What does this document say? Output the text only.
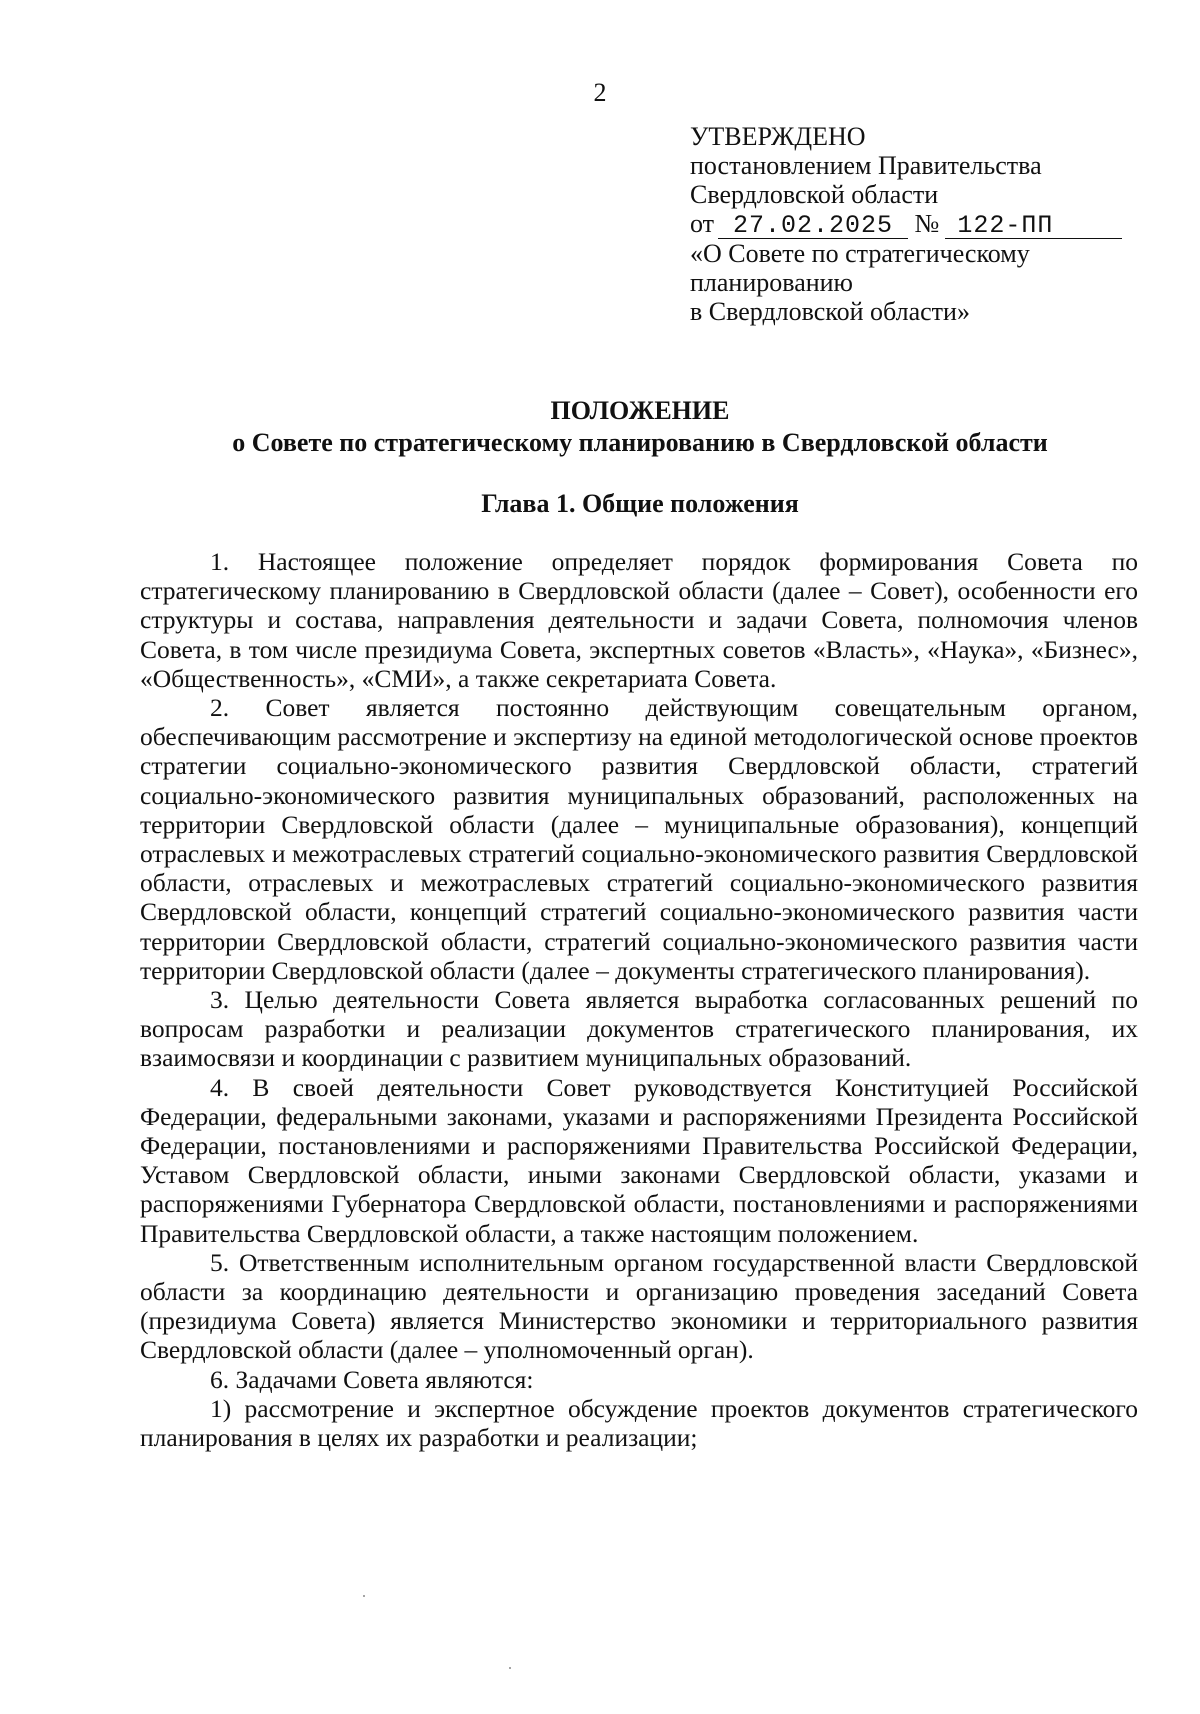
2
УТВЕРЖДЕНО
постановлением Правительства
Свердловской области
от 27.02.2025 № 122-ПП
«О Совете по стратегическому
планированию
в Свердловской области»
ПОЛОЖЕНИЕ
о Совете по стратегическому планированию в Свердловской области
Глава 1. Общие положения

1. Настоящее положение определяет порядок формирования Совета по стратегическому планированию в Свердловской области (далее – Совет), особенности его структуры и состава, направления деятельности и задачи Совета, полномочия членов Совета, в том числе президиума Совета, экспертных советов «Власть», «Наука», «Бизнес», «Общественность», «СМИ», а также секретариата Совета.

2. Совет является постоянно действующим совещательным органом, обеспечивающим рассмотрение и экспертизу на единой методологической основе проектов стратегии социально-экономического развития Свердловской области, стратегий социально-экономического развития муниципальных образований, расположенных на территории Свердловской области (далее – муниципальные образования), концепций отраслевых и межотраслевых стратегий социально-экономического развития Свердловской области, отраслевых и межотраслевых стратегий социально-экономического развития Свердловской области, концепций стратегий социально-экономического развития части территории Свердловской области, стратегий социально-экономического развития части территории Свердловской области (далее – документы стратегического планирования).

3. Целью деятельности Совета является выработка согласованных решений по вопросам разработки и реализации документов стратегического планирования, их взаимосвязи и координации с развитием муниципальных образований.

4. В своей деятельности Совет руководствуется Конституцией Российской Федерации, федеральными законами, указами и распоряжениями Президента Российской Федерации, постановлениями и распоряжениями Правительства Российской Федерации, Уставом Свердловской области, иными законами Свердловской области, указами и распоряжениями Губернатора Свердловской области, постановлениями и распоряжениями Правительства Свердловской области, а также настоящим положением.

5. Ответственным исполнительным органом государственной власти Свердловской области за координацию деятельности и организацию проведения заседаний Совета (президиума Совета) является Министерство экономики и территориального развития Свердловской области (далее – уполномоченный орган).

6. Задачами Совета являются:

1) рассмотрение и экспертное обсуждение проектов документов стратегического планирования в целях их разработки и реализации;
